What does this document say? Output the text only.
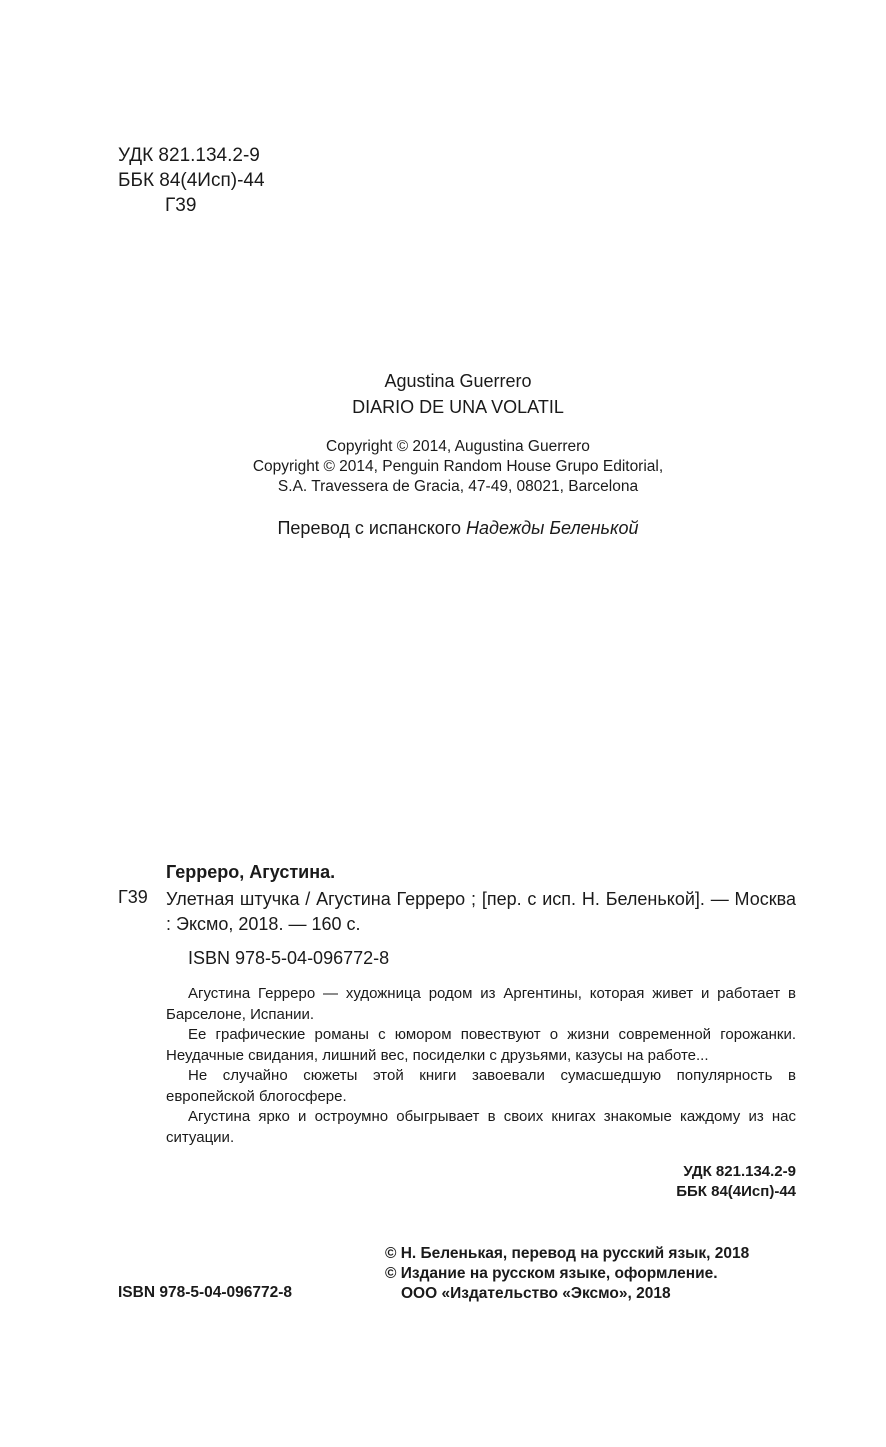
УДК 821.134.2-9
ББК 84(4Исп)-44
Г39
Agustina Guerrero
DIARIO DE UNA VOLATIL
Copyright © 2014, Augustina Guerrero
Copyright © 2014, Penguin Random House Grupo Editorial,
S.A. Travessera de Gracia, 47-49, 08021, Barcelona
Перевод с испанского Надежды Беленькой
Герреро, Агустина.
Г39 Улетная штучка / Агустина Герреро ; [пер. с исп. Н. Беленькой]. — Москва : Эксмо, 2018. — 160 с.
ISBN 978-5-04-096772-8

Агустина Герреро — художница родом из Аргентины, которая живет и работает в Барселоне, Испании.

Ее графические романы с юмором повествуют о жизни современной горожанки. Неудачные свидания, лишний вес, посиделки с друзьями, казусы на работе...

Не случайно сюжеты этой книги завоевали сумасшедшую популярность в европейской блогосфере.

Агустина ярко и остроумно обыгрывает в своих книгах знакомые каждому из нас ситуации.

УДК 821.134.2-9
ББК 84(4Исп)-44
© Н. Беленькая, перевод на русский язык, 2018
© Издание на русском языке, оформление.
ООО «Издательство «Эксмо», 2018
ISBN 978-5-04-096772-8
